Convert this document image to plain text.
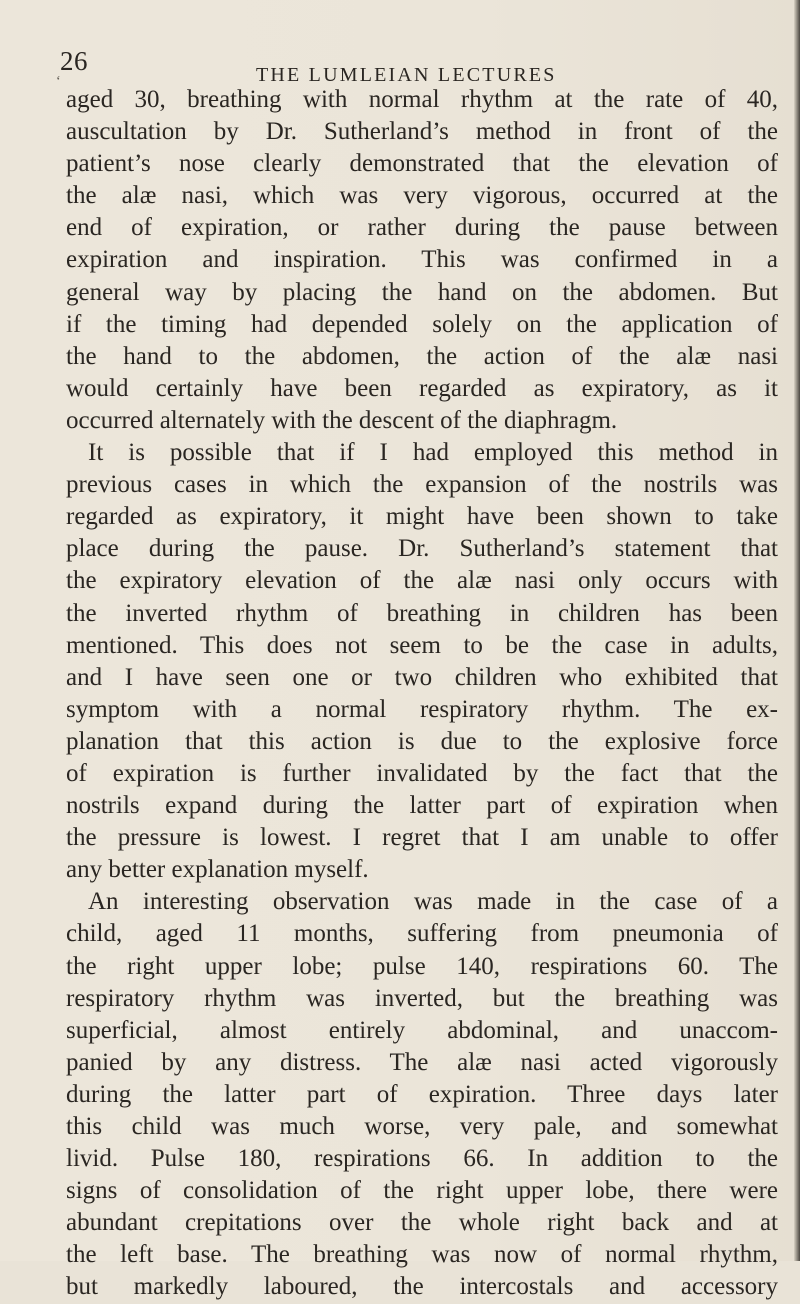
26	THE LUMLEIAN LECTURES
‘
aged 30, breathing with normal rhythm at the rate of 40,
auscultation by Dr. Sutherland’s method in front of the
patient’s nose clearly demonstrated that the elevation of
the alæ nasi, which was very vigorous, occurred at the
end of expiration, or rather during the pause between
expiration and inspiration. This was confirmed in a
general way by placing the hand on the abdomen. But
if the timing had depended solely on the application of
the hand to the abdomen, the action of the alæ nasi
would certainly have been regarded as expiratory, as it
occurred alternately with the descent of the diaphragm.
It is possible that if I had employed this method in
previous cases in which the expansion of the nostrils was
regarded as expiratory, it might have been shown to take
place during the pause. Dr. Sutherland’s statement that
the expiratory elevation of the alæ nasi only occurs with
the inverted rhythm of breathing in children has been
mentioned. This does not seem to be the case in adults,
and I have seen one or two children who exhibited that
symptom with a normal respiratory rhythm. The ex-
planation that this action is due to the explosive force
of expiration is further invalidated by the fact that the
nostrils expand during the latter part of expiration when
the pressure is lowest. I regret that I am unable to offer
any better explanation myself.
An interesting observation was made in the case of a
child, aged 11 months, suffering from pneumonia of
the right upper lobe; pulse 140, respirations 60. The
respiratory rhythm was inverted, but the breathing was
superficial, almost entirely abdominal, and unaccom-
panied by any distress. The alæ nasi acted vigorously
during the latter part of expiration. Three days later
this child was much worse, very pale, and somewhat
livid. Pulse 180, respirations 66. In addition to the
signs of consolidation of the right upper lobe, there were
abundant crepitations over the whole right back and at
the left base. The breathing was now of normal rhythm,
but markedly laboured, the intercostals and accessory
